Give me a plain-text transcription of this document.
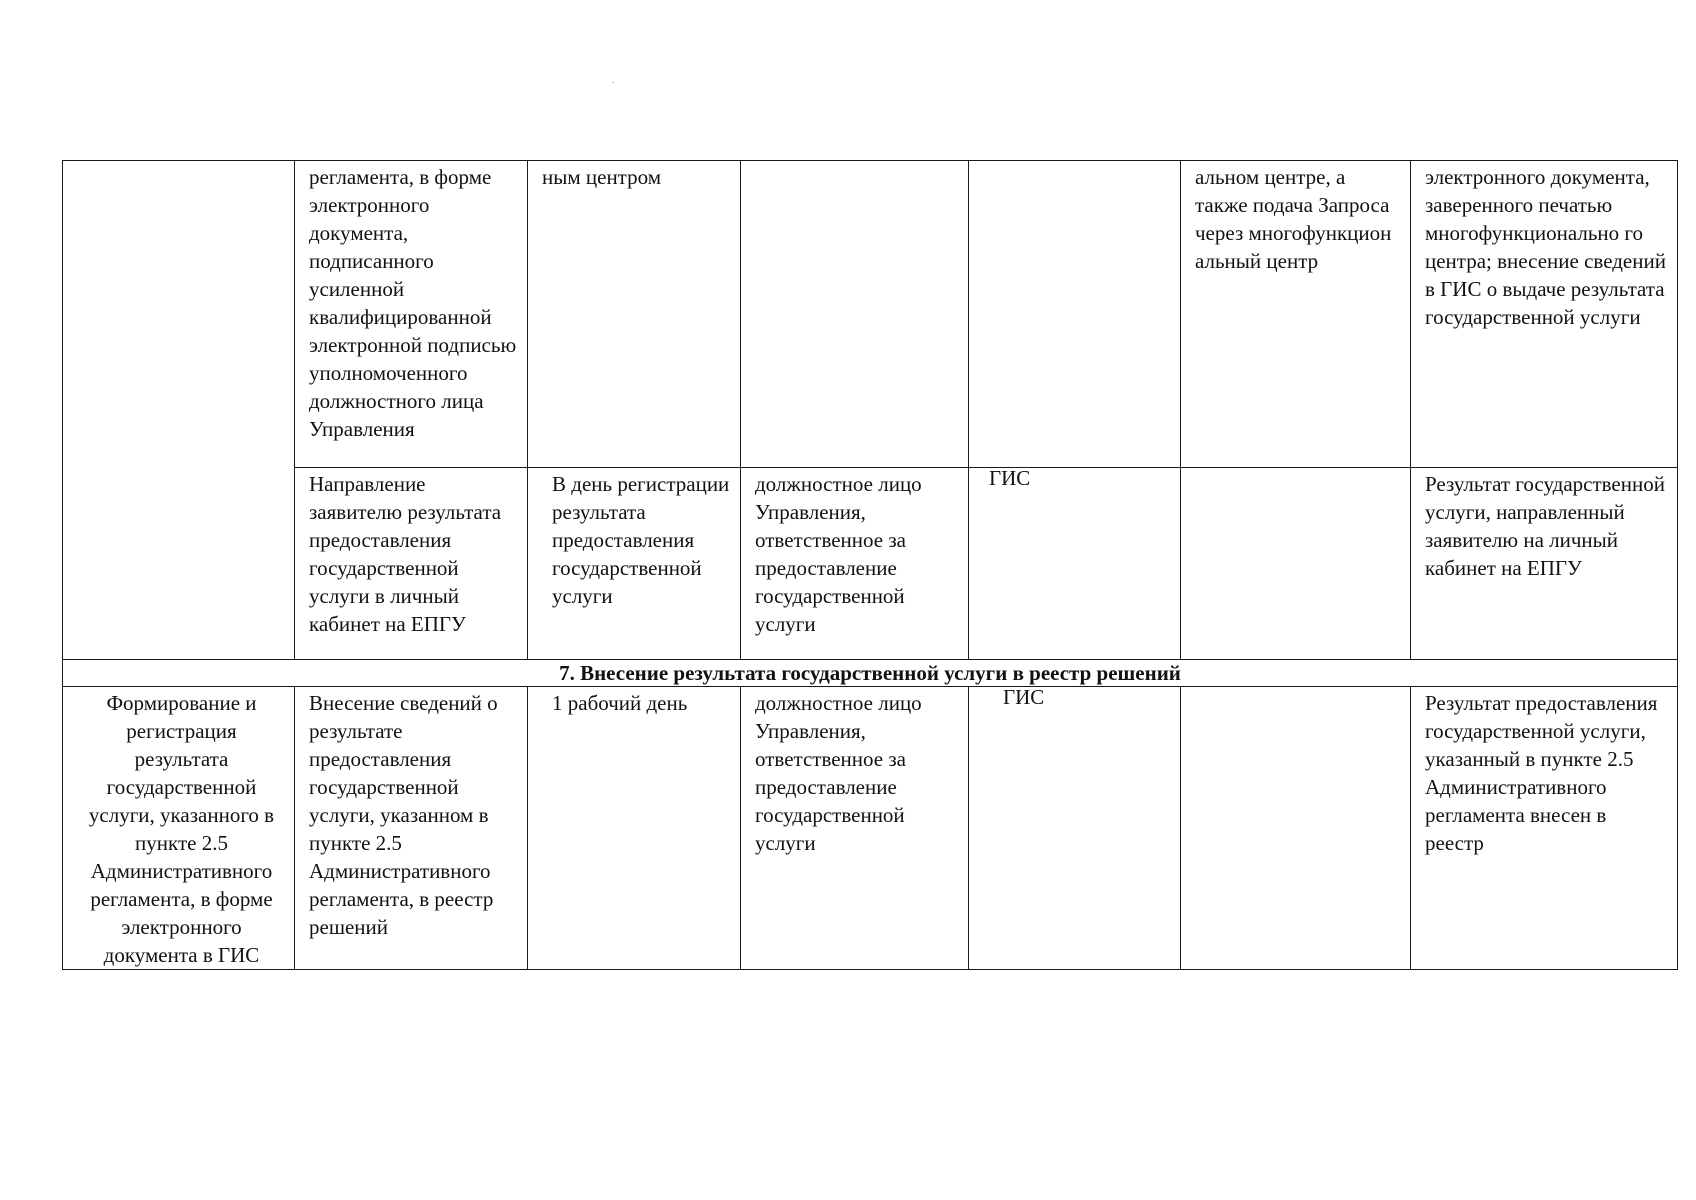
	регламента, в форме электронного документа, подписанного усиленной квалифицированной электронной подписью уполномоченного должностного лица Управления	ным центром			альном центре, а также подача Запроса через многофункцион альный центр	электронного документа, заверенного печатью многофункционально го центра; внесение сведений в ГИС о выдаче результата государственной услуги
	Направление заявителю результата предоставления государственной услуги в личный кабинет на ЕПГУ	В день регистрации результата предоставления государственной услуги	должностное лицо Управления, ответственное за предоставление государственной услуги	ГИС		Результат государственной услуги, направленный заявителю на личный кабинет на ЕПГУ
7. Внесение результата государственной услуги в реестр решений						
Формирование и регистрация результата государственной услуги, указанного в пункте 2.5 Административного регламента, в форме электронного документа в ГИС	Внесение сведений о результате предоставления государственной услуги, указанном в пункте 2.5 Административного регламента, в реестр решений	1 рабочий день	должностное лицо Управления, ответственное за предоставление государственной услуги	ГИС		Результат предоставления государственной услуги, указанный в пункте 2.5 Административного регламента внесен в реестр
